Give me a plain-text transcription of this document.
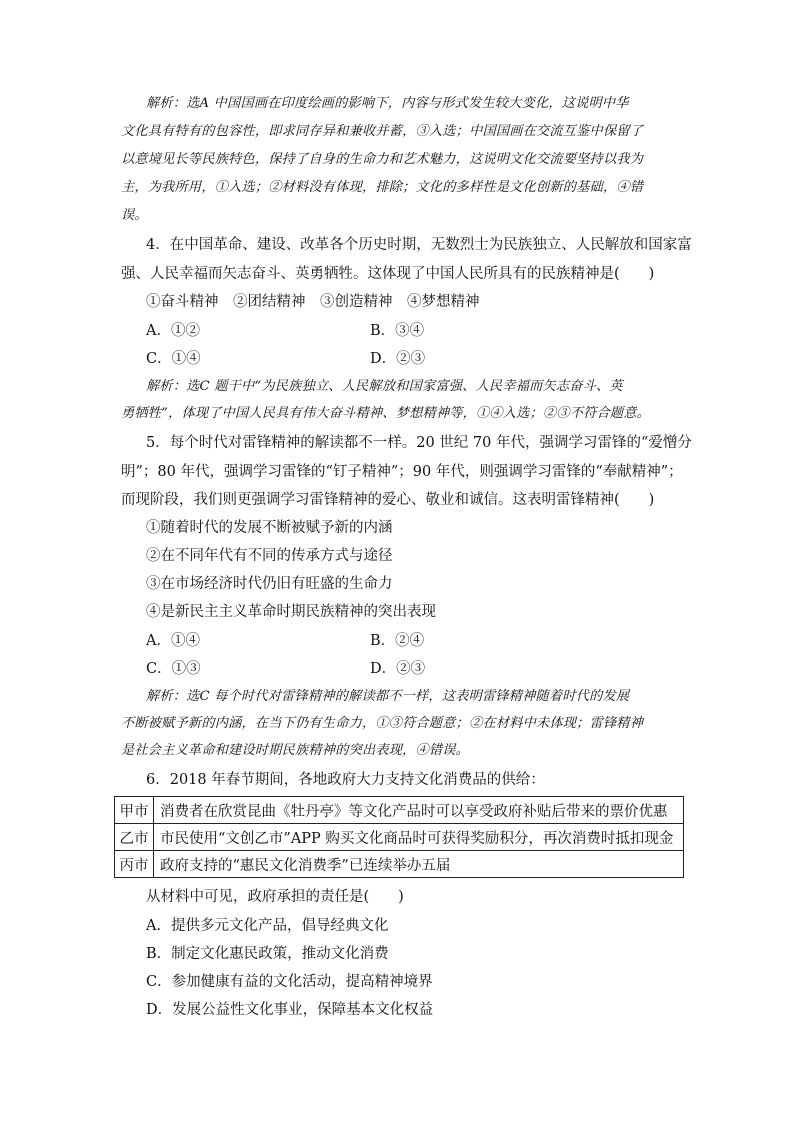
解析：选A 中国国画在印度绘画的影响下，内容与形式发生较大变化，这说明中华
文化具有特有的包容性，即求同存异和兼收并蓄，③入选；中国国画在交流互鉴中保留了
以意境见长等民族特色，保持了自身的生命力和艺术魅力，这说明文化交流要坚持以我为
主，为我所用，①入选；②材料没有体现，排除；文化的多样性是文化创新的基础，④错
误。
4．在中国革命、建设、改革各个历史时期，无数烈士为民族独立、人民解放和国家富
强、人民幸福而矢志奋斗、英勇牺牲。这体现了中国人民所具有的民族精神是(　　)
①奋斗精神　②团结精神　③创造精神　④梦想精神
A．①②	B．③④
C．①④	D．②③
解析：选C 题干中“为民族独立、人民解放和国家富强、人民幸福而矢志奋斗、英
勇牺牲”，体现了中国人民具有伟大奋斗精神、梦想精神等，①④入选；②③不符合题意。
5．每个时代对雷锋精神的解读都不一样。20 世纪 70 年代，强调学习雷锋的“爱憎分
明”；80 年代，强调学习雷锋的“钉子精神”；90 年代，则强调学习雷锋的“奉献精神”；
而现阶段，我们则更强调学习雷锋精神的爱心、敬业和诚信。这表明雷锋精神(　　)
①随着时代的发展不断被赋予新的内涵
②在不同年代有不同的传承方式与途径
③在市场经济时代仍旧有旺盛的生命力
④是新民主主义革命时期民族精神的突出表现
A．①④	B．②④
C．①③	D．②③
解析：选C 每个时代对雷锋精神的解读都不一样，这表明雷锋精神随着时代的发展
不断被赋予新的内涵，在当下仍有生命力，①③符合题意；②在材料中未体现；雷锋精神
是社会主义革命和建设时期民族精神的突出表现，④错误。
6．2018 年春节期间，各地政府大力支持文化消费品的供给：
甲市	消费者在欣赏昆曲《牡丹亭》等文化产品时可以享受政府补贴后带来的票价优惠
乙市	市民使用“文创乙市”APP 购买文化商品时可获得奖励积分，再次消费时抵扣现金
丙市	政府支持的“惠民文化消费季”已连续举办五届
从材料中可见，政府承担的责任是(　　)
A．提供多元文化产品，倡导经典文化
B．制定文化惠民政策，推动文化消费
C．参加健康有益的文化活动，提高精神境界
D．发展公益性文化事业，保障基本文化权益
